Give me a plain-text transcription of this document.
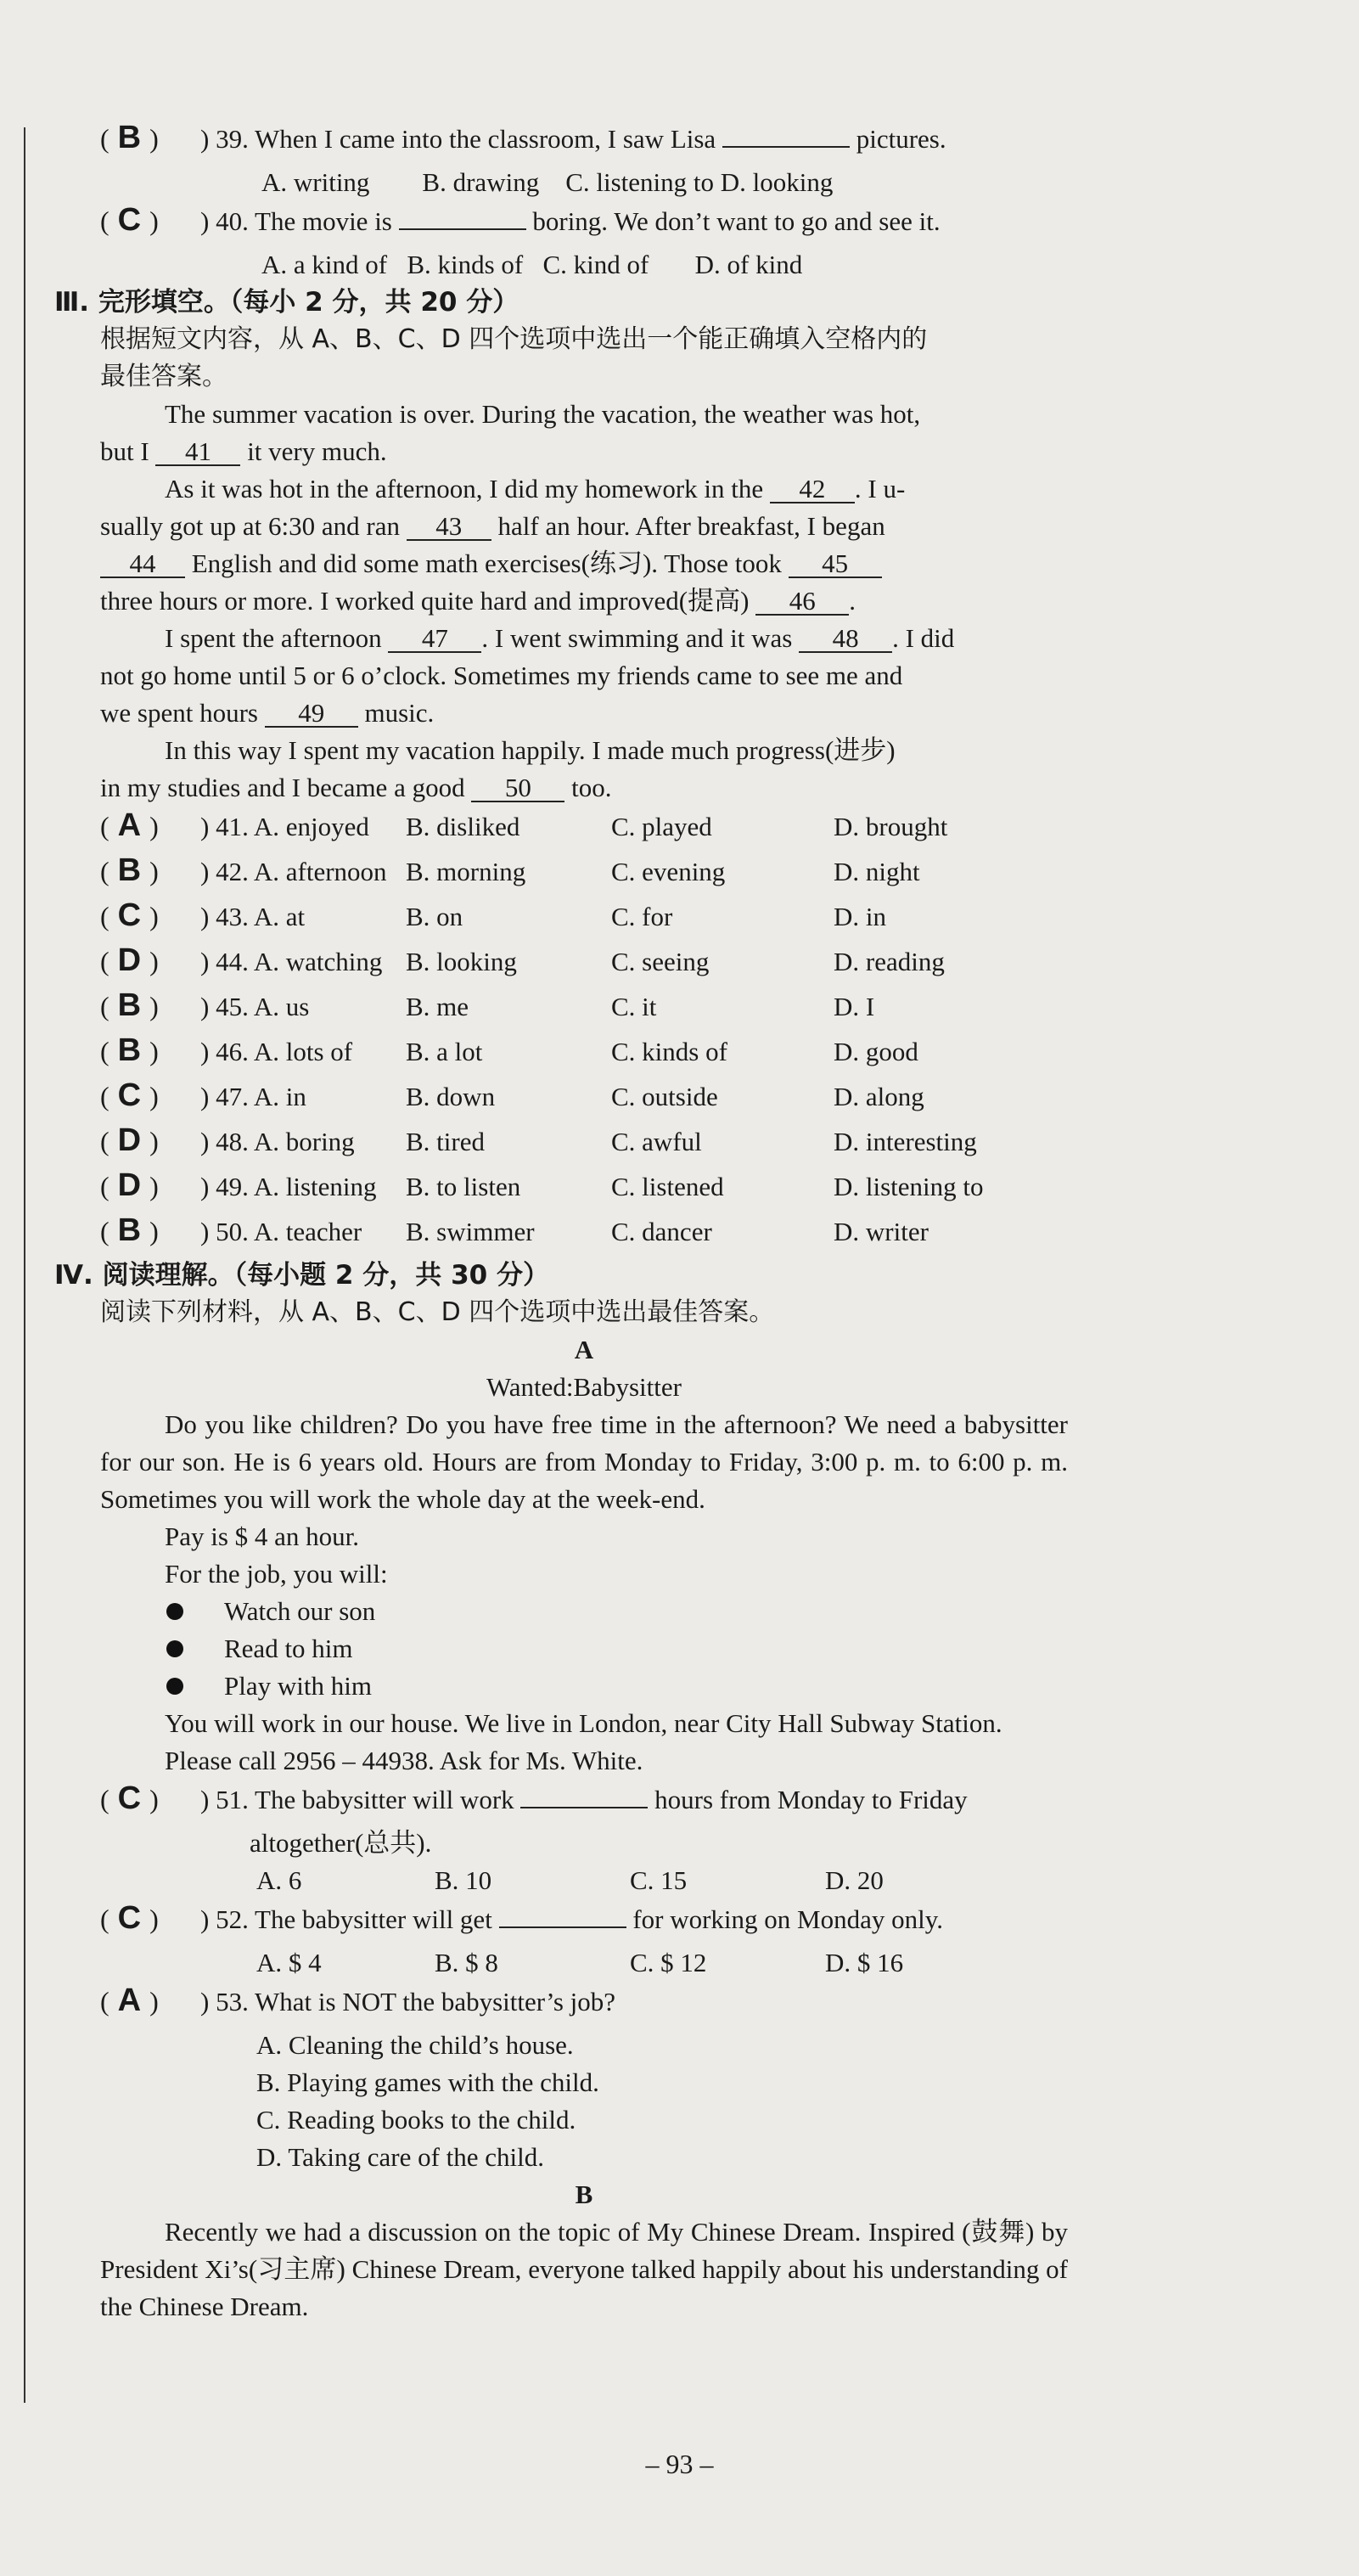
( B )	) 39. When I came into the classroom, I saw Lisa	pictures.
A. writing        B. drawing    C. listening to D. looking
( C )	) 40. The movie is	boring. We don’t want to go and see it.
A. a kind of   B. kinds of   C. kind of       D. of kind
Ⅲ. 完形填空。（每小 2 分，共 20 分）
根据短文内容，从 A、B、C、D 四个选项中选出一个能正确填入空格内的
最佳答案。
The summer vacation is over. During the vacation, the weather was hot,
but I 41 it very much.
As it was hot in the afternoon, I did my homework in the 42 . I u-
sually got up at 6:30 and ran 43 half an hour. After breakfast, I began
44 English and did some math exercises(练习). Those took 45
three hours or more. I worked quite hard and improved(提高) 46 .
I spent the afternoon 47 . I went swimming and it was 48 . I did
not go home until 5 or 6 o’clock. Sometimes my friends came to see me and
we spent hours 49 music.
In this way I spent my vacation happily. I made much progress(进步)
in my studies and I became a good 50 too.
( A )	) 41. A. enjoyed	B. disliked	C. played	D. brought
( B )	) 42. A. afternoon B. morning	C. evening	D. night
( C )	) 43. A. at	B. on	C. for	D. in
( D )	) 44. A. watching B. looking	C. seeing	D. reading
( B )	) 45. A. us	B. me	C. it	D. I
( B )	) 46. A. lots of	B. a lot	C. kinds of	D. good
( C )	) 47. A. in	B. down	C. outside	D. along
( D )	) 48. A. boring	B. tired	C. awful	D. interesting
( D )	) 49. A. listening	B. to listen	C. listened	D. listening to
( B )	) 50. A. teacher	B. swimmer	C. dancer	D. writer
Ⅳ. 阅读理解。（每小题 2 分，共 30 分）
阅读下列材料，从 A、B、C、D 四个选项中选出最佳答案。
A
Wanted:Babysitter
Do you like children? Do you have free time in the afternoon? We need a babysitter for our son. He is 6 years old. Hours are from Monday to Friday, 3:00 p. m. to 6:00 p. m. Sometimes you will work the whole day at the week-end.
Pay is $ 4 an hour.
For the job, you will:
Watch our son
Read to him
Play with him
You will work in our house. We live in London, near City Hall Subway Station.
Please call 2956 – 44938. Ask for Ms. White.
( C )	) 51. The babysitter will work	hours from Monday to Friday
altogether(总共).
A. 6	B. 10	C. 15	D. 20
( C )	) 52. The babysitter will get	for working on Monday only.
A. $ 4	B. $ 8	C. $ 12	D. $ 16
( A )	) 53. What is NOT the babysitter’s job?
A. Cleaning the child’s house.
B. Playing games with the child.
C. Reading books to the child.
D. Taking care of the child.
B
Recently we had a discussion on the topic of My Chinese Dream. Inspired (鼓舞) by President Xi’s(习主席) Chinese Dream, everyone talked happily about his understanding of the Chinese Dream.
– 93 –
